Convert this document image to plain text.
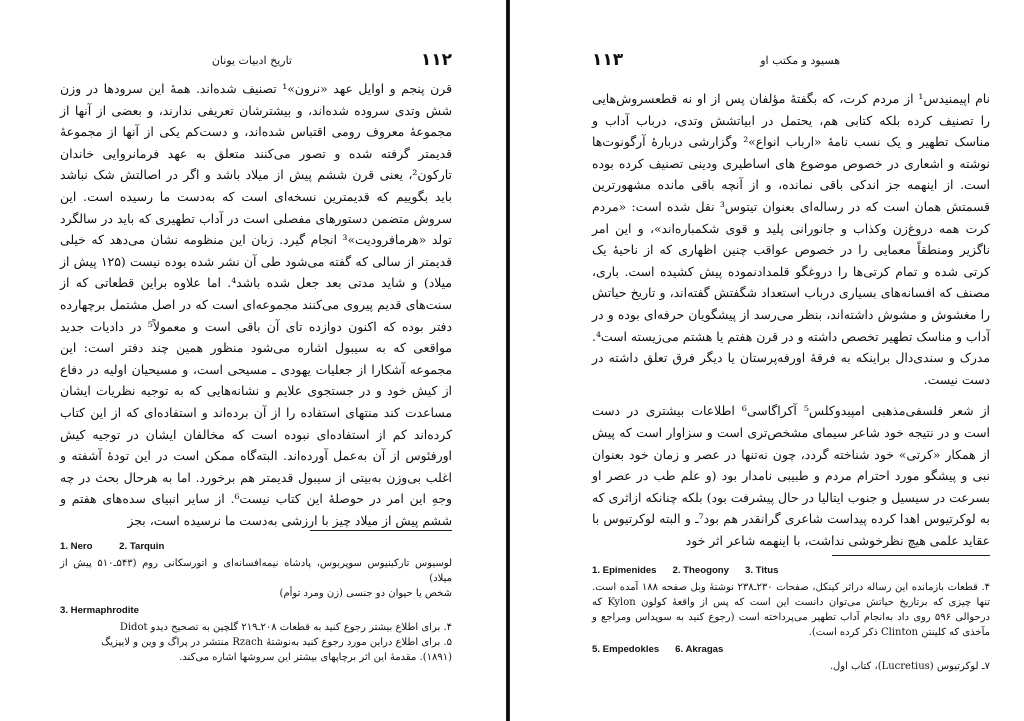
۱۱۲
تاریخ ادبیات یونان

قرن پنجم و اوایل عهد «نرون»¹ تصنیف شده‌اند. همهٔ این سرودها در وزن شش وتدی سروده شده‌اند، و بیشترشان تعریفی ندارند، و بعضی از آنها از مجموعهٔ معروف رومی اقتباس شده‌اند، و دست‌کم یکی از آنها از مجموعهٔ قدیمتر گرفته شده و تصور می‌کنند متعلق به عهد فرمانروایی خاندان تارکون²، یعنی قرن ششم پیش از میلاد باشد و اگر در اصالتش شک نباشد باید بگوییم که قدیمترین نسخه‌ای است که به‌دست ما رسیده است. این سروش متضمن دستورهای مفصلی است در آداب تطهیری که باید در سالگرد تولد «هرمافرودیت»³ انجام گیرد. زبان این منظومه نشان می‌دهد که خیلی قدیمتر از سالی که گفته می‌شود طی آن نشر شده بوده نیست (۱۲۵ پیش از میلاد) و شاید مدتی بعد جعل شده باشد⁴. اما علاوه براین قطعاتی که از سنت‌های قدیم پیروی می‌کنند مجموعه‌ای است که در اصل مشتمل برچهارده دفتر بوده که اکنون دوازده تای آن باقی است و معمولاً⁵ در دادیات جدید مواقعی که به سیبول اشاره می‌شود منظور همین چند دفتر است: این مجموعه آشکارا از جعلیات یهودی ـ مسیحی است، و مسیحیان اولیه در دفاع از کیش خود و در جستجوی علایم و نشانه‌هایی که به توجیه نظریات ایشان مساعدت کند منتهای استفاده را از آن برده‌اند و استفاده‌ای که از این کتاب کرده‌اند کم از استفاده‌ای نبوده است که مخالفان ایشان در توجیه کیش اورفئوس از آن به‌عمل آورده‌اند. البته‌گاه ممکن است در این تودهٔ آشفته و اغلب بی‌وزن به‌بیتی از سیبول قدیمتر هم برخورد. اما به هرحال بحث در چه وجهِ این امر در حوصلهٔ این کتاب نیست⁶. از سایر انبیای سده‌های هفتم و ششم پیش از میلاد چیز با ارزشی به‌دست ما نرسیده است، بجز

1. Nero          2. Tarquin

لوسیوس تارکینیوس سوپربوس، پادشاه نیمه‌افسانه‌ای و اتورسکانی روم (۵۴۳ـ۵۱۰ پیش از میلاد)

شخص یا حیوان دو جنسی (زن ومرد توأم)

3. Hermaphrodite

۴. برای اطلاع بیشتر رجوع کنید به قطعات ۲۰۸ـ۲۱۹ گلچین به تصحیح دیدو Didot

۵. برای اطلاع دراین مورد رجوع کنید به‌نوشتهٔ Rzach منتشر در پراگ و وین و لایپزیگ

(۱۸۹۱). مقدمهٔ این اثر برچاپهای بیشتر این سروشها اشاره می‌کند.

۱۱۳	هسیود و مکتب او

نام اپیمنیدس¹ از مردم کرت، که بگفتهٔ مؤلفان پس از او نه قطعسروش‌هایی را تصنیف کرده بلکه کتابی هم، یحتمل در ابیاتشش وتدی، درباب آداب و مناسک تطهیر و یک نسب نامهٔ «ارباب انواع»² وگزارشی دربارهٔ آرگونوت‌ها نوشته و اشعاری در خصوص موضوع های اساطیری ودینی تصنیف کرده بوده است. از اینهمه جز اندکی باقی نمانده، و از آنچه باقی مانده مشهورترین قسمتش همان است که در رساله‌ای بعنوان تیتوس³ نقل شده است: «مردم کرت همه دروغ‌زن وکذاب و جانورانی پلید و قوی شکمباره‌اند»، و این امر ناگزیر ومنطقاً معمایی را در خصوص عواقب چنین اظهاری که از ناحیهٔ یک کرتی شده و تمام کرتی‌ها را دروغگو قلمدادنموده پیش کشیده است. باری، مصنف که افسانه‌های بسیاری درباب استعداد شگفتش گفته‌اند، و تاریخ حیاتش را مغشوش و مشوش داشته‌اند، بنظر می‌رسد از پیشگویان حرفه‌ای بوده و در آداب و مناسک تطهیر تخصص داشته و در قرن هفتم یا هشتم می‌زیسته است⁴. مدرک و سندی‌دال براینکه به فرقهٔ اورفه‌پرستان یا دیگر فرق تعلق داشته در دست نیست.

از شعر فلسفی‌مذهبی امپیدوکلس⁵ آکراگاسی⁶ اطلاعات بیشتری در دست است و در نتیجه خود شاعر سیمای مشخص‌تری است و سزاوار است که پیش از همکار «کرتی» خود شناخته گردد، چون نه‌تنها در عصر و زمان خود بعنوان نبی و پیشگو مورد احترام مردم و طبیبی نامدار بود (و علم طب در عصر او بسرعت در سیسیل و جنوب ایتالیا در حال پیشرفت بود) بلکه چنانکه ازاثری که به لوکرتیوس اهدا کرده پیداست شاعری گرانقدر هم بود⁷ـ و البته لوکرتیوس با عقاید علمی هیچ نظرخوشی نداشت، با اینهمه شاعر اثر خود

1. Epimenides      2. Theogony      3. Titus

۴. قطعات بازمانده این رساله دراثر کینکل، صفحات ۲۳۰ـ۲۳۸ نوشتهٔ وبل صفحه ۱۸۸ آمده است. تنها چیزی که برتاریخ حیاتش می‌توان دانست این است که پس از واقعهٔ کولون Kylon که درحوالی ۵۹۶ روی داد به‌انجام آداب تطهیر می‌پرداخته است (رجوع کنید به سوپداس ومراجع و مآخذی که کلینتن Clinton ذکر کرده است).

5. Empedokles      6. Akragas

۷ـ لوکرتیوس (Lucretius)، کتاب اول.
